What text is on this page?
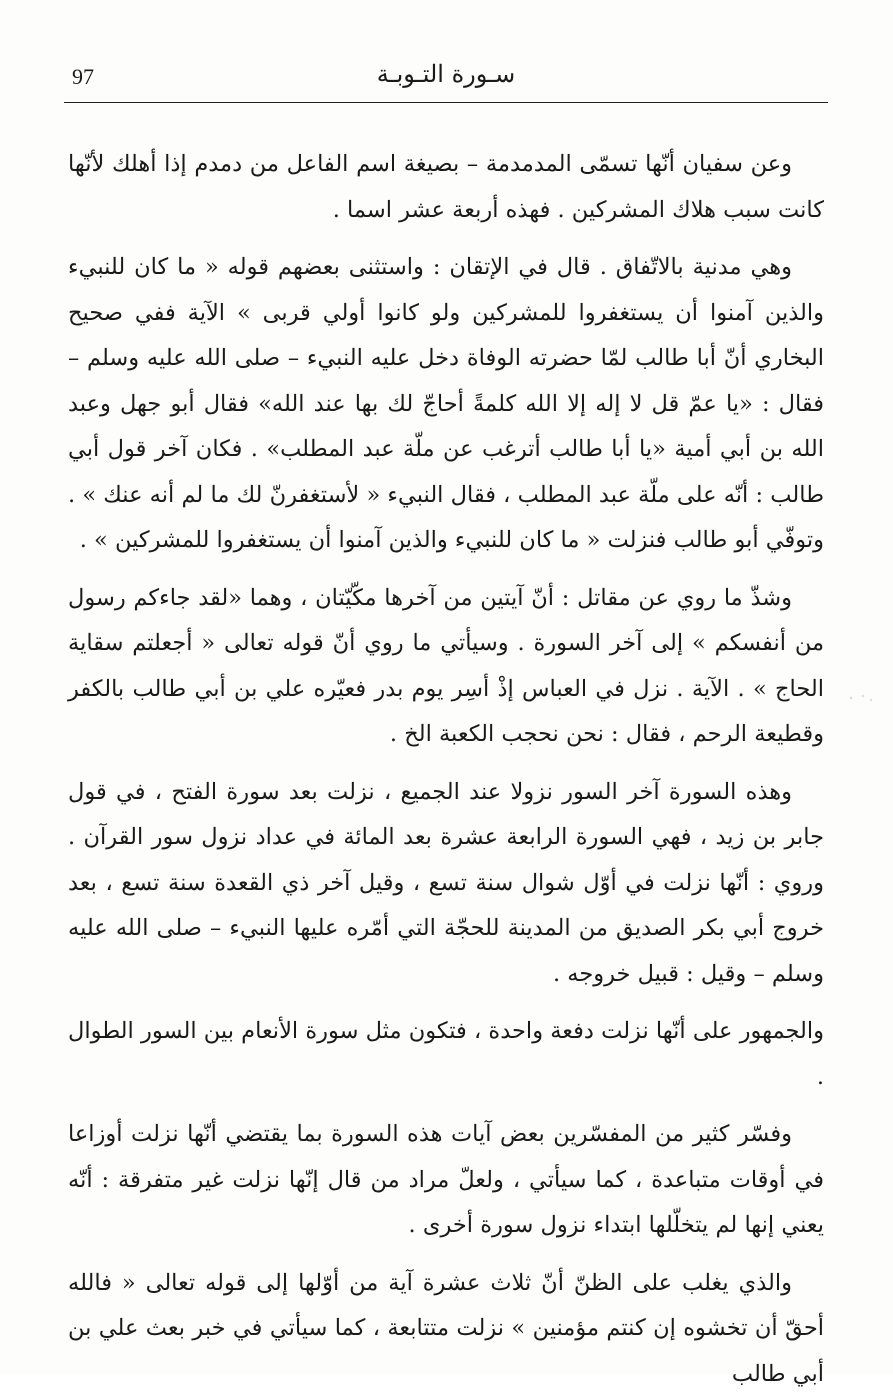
97	سـورة التـوبـة

وعن سفيان أنّها تسمّى المدمدمة – بصيغة اسم الفاعل من دمدم إذا أهلك لأنّها كانت سبب هلاك المشركين . فهذه أربعة عشر اسما .

وهي مدنية بالاتّفاق . قال في الإتقان : واستثنى بعضهم قوله « ما كان للنبيء والذين آمنوا أن يستغفروا للمشركين ولو كانوا أولي قربى » الآية ففي صحيح البخاري أنّ أبا طالب لمّا حضرته الوفاة دخل عليه النبيء – صلى الله عليه وسلم – فقال : «يا عمّ قل لا إله إلا الله كلمةً أحاجّ لك بها عند الله» فقال أبو جهل وعبد الله بن أبي أمية «يا أبا طالب أترغب عن ملّة عبد المطلب» . فكان آخر قول أبي طالب : أنّه على ملّة عبد المطلب ، فقال النبيء « لأستغفرنّ لك ما لم أنه عنك » . وتوفّي أبو طالب فنزلت « ما كان للنبيء والذين آمنوا أن يستغفروا للمشركين » .

وشذّ ما روي عن مقاتل : أنّ آيتين من آخرها مكّيّتان ، وهما «لقد جاءكم رسول من أنفسكم » إلى آخر السورة . وسيأتي ما روي أنّ قوله تعالى « أجعلتم سقاية الحاج » . الآية . نزل في العباس إذْ أسِر يوم بدر فعيّره علي بن أبي طالب بالكفر وقطيعة الرحم ، فقال : نحن نحجب الكعبة الخ .

وهذه السورة آخر السور نزولا عند الجميع ، نزلت بعد سورة الفتح ، في قول جابر بن زيد ، فهي السورة الرابعة عشرة بعد المائة في عداد نزول سور القرآن . وروي : أنّها نزلت في أوّل شوال سنة تسع ، وقيل آخر ذي القعدة سنة تسع ، بعد خروج أبي بكر الصديق من المدينة للحجّة التي أمّره عليها النبيء – صلى الله عليه وسلم – وقيل : قبيل خروجه .

والجمهور على أنّها نزلت دفعة واحدة ، فتكون مثل سورة الأنعام بين السور الطوال .

وفسّر كثير من المفسّرين بعض آيات هذه السورة بما يقتضي أنّها نزلت أوزاعا في أوقات متباعدة ، كما سيأتي ، ولعلّ مراد من قال إنّها نزلت غير متفرقة : أنّه يعني إنها لم يتخلّلها ابتداء نزول سورة أخرى .

والذي يغلب على الظنّ أنّ ثلاث عشرة آية من أوّلها إلى قوله تعالى « فالله أحقّ أن تخشوه إن كنتم مؤمنين » نزلت متتابعة ، كما سيأتي في خبر بعث علي بن أبي طالب
